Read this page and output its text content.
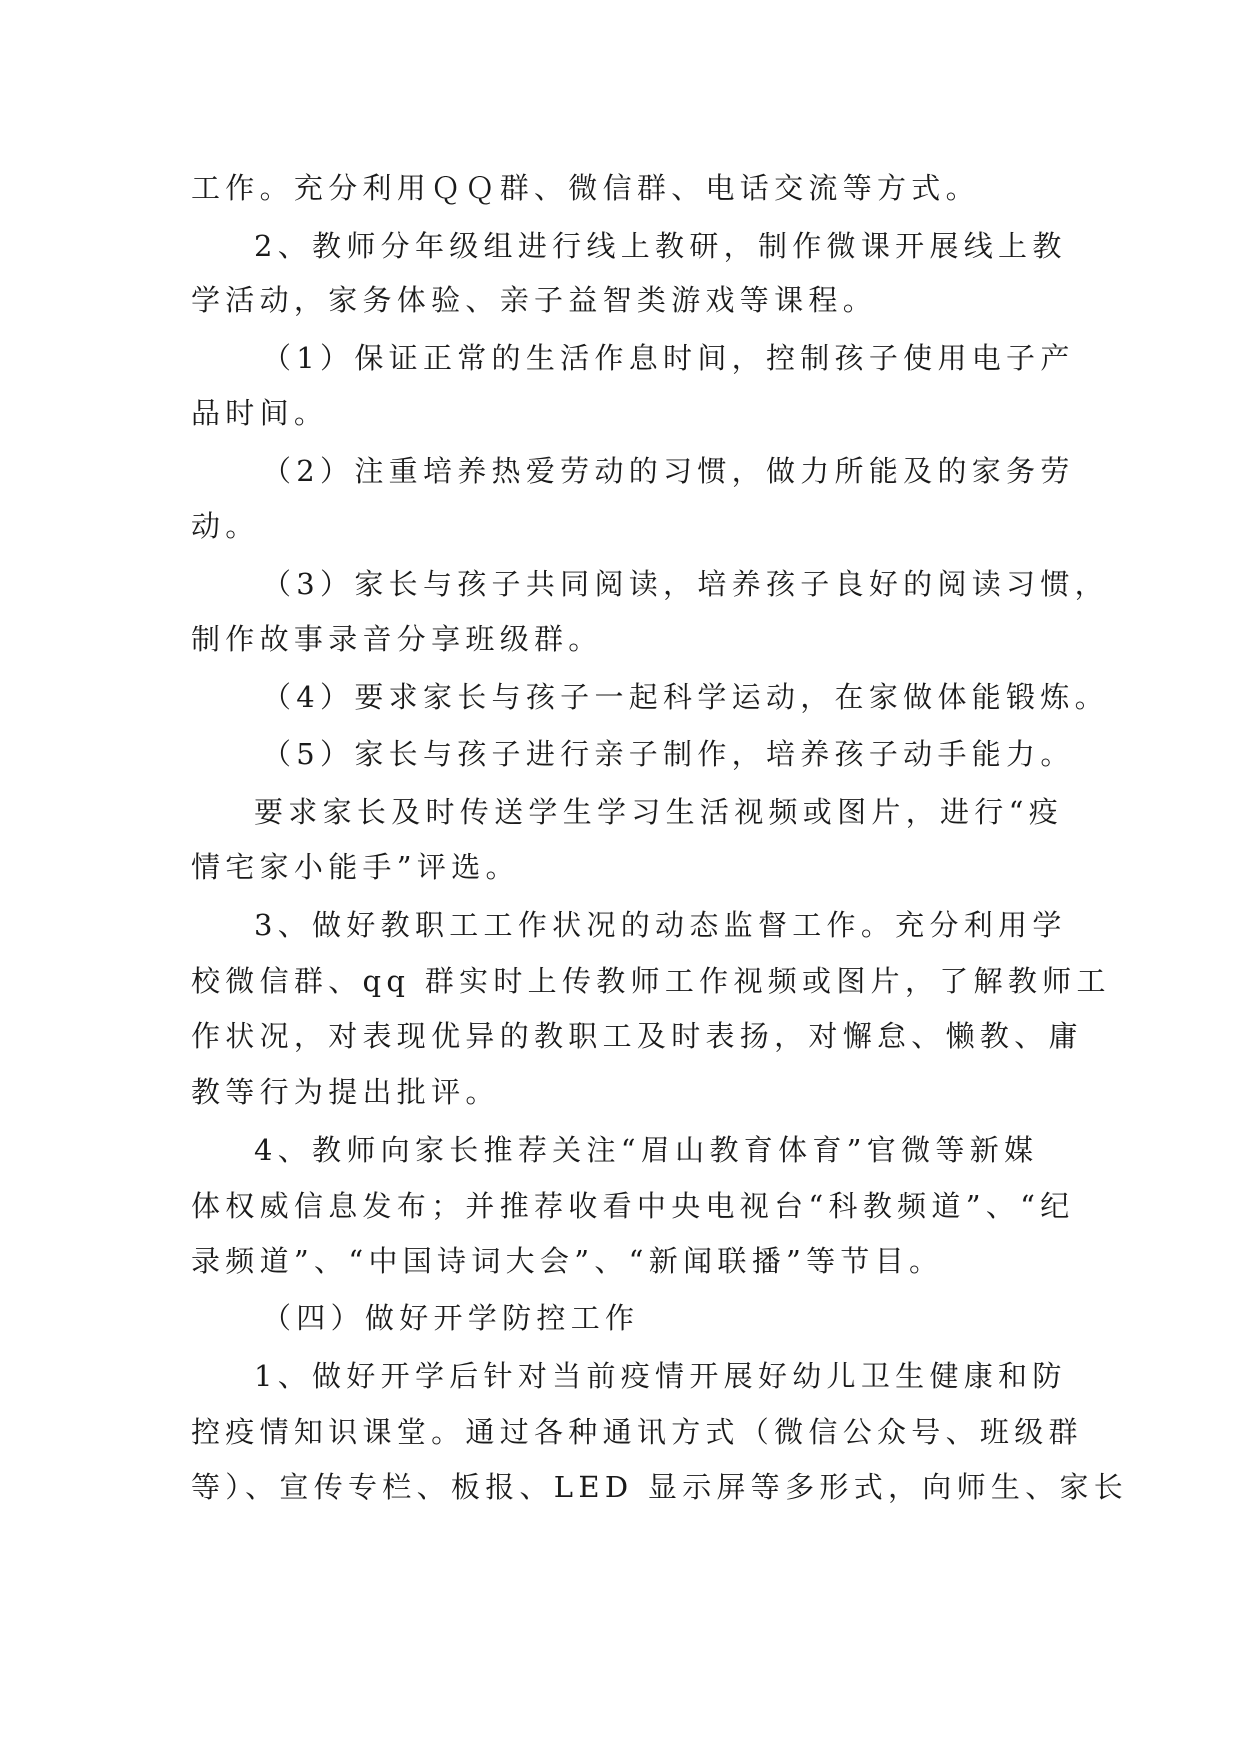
工作。充分利用ＱＱ群、微信群、电话交流等方式。
2、教师分年级组进行线上教研，制作微课开展线上教
学活动，家务体验、亲子益智类游戏等课程。
（1）保证正常的生活作息时间，控制孩子使用电子产
品时间。
（2）注重培养热爱劳动的习惯，做力所能及的家务劳
动。
（3）家长与孩子共同阅读，培养孩子良好的阅读习惯，
制作故事录音分享班级群。
（4）要求家长与孩子一起科学运动，在家做体能锻炼。
（5）家长与孩子进行亲子制作，培养孩子动手能力。
要求家长及时传送学生学习生活视频或图片，进行“疫
情宅家小能手”评选。
3、做好教职工工作状况的动态监督工作。充分利用学
校微信群、qq 群实时上传教师工作视频或图片，了解教师工
作状况，对表现优异的教职工及时表扬，对懈怠、懒教、庸
教等行为提出批评。
4、教师向家长推荐关注“眉山教育体育”官微等新媒
体权威信息发布；并推荐收看中央电视台“科教频道”、“纪
录频道”、“中国诗词大会”、“新闻联播”等节目。
（四）做好开学防控工作
1、做好开学后针对当前疫情开展好幼儿卫生健康和防
控疫情知识课堂。通过各种通讯方式（微信公众号、班级群
等）、宣传专栏、板报、LED 显示屏等多形式，向师生、家长
